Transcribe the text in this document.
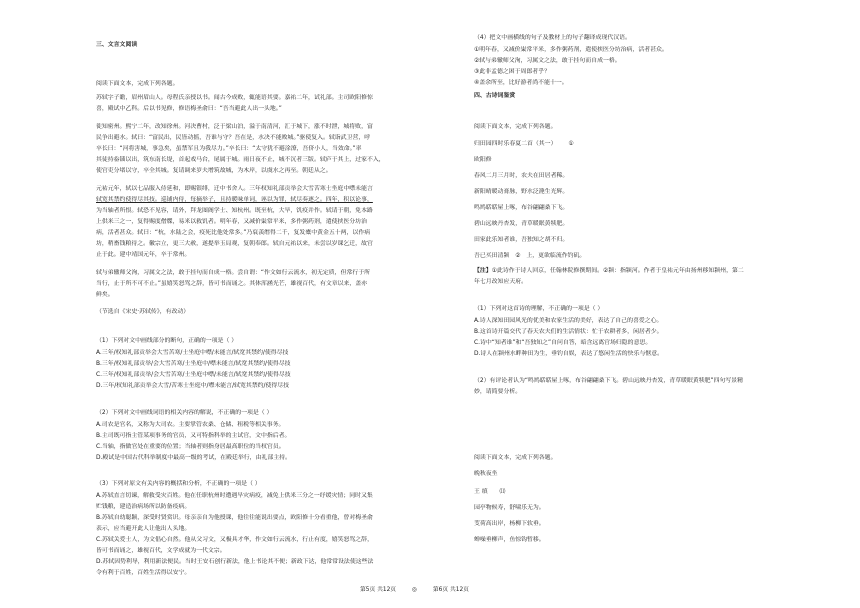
三、文言文阅读
阅读下面文本，完成下列各题。
苏轼字子瞻，眉州眉山人。母程氏亲授以书。闻古今成败，辄能语其要。嘉祐二年，试礼部。主司欧阳修惊
喜，殿试中乙科。后以书见修，修语梅圣俞曰：“吾当避此人出一头地。”
徙知密州。熙宁二年，改知徐州。河决曹村，泛于梁山泊，溢于南清河，汇于城下，涨不时泄，城将败，富
民争出避水。轼曰：“富民出，民皆动摇，吾谁与守？吾在是，水决不能败城。”驱使复入。轼诣武卫营，呼
卒长曰：“河将害城，事急矣，虽禁军且为我尽力。”卒长曰：“太守犹不避涂潦，吾侪小人，当效命。”率
其徒持畚锸以出，筑东南长堤，首起戏马台，尾属于城。雨日夜不止，城不沉者三版。轼庐于其上，过家不入，
使官吏分堵以守，卒全其城。复请调来岁夫增筑故城，为木岸，以虞水之再至。朝廷从之。
元祐元年，轼以七品服入侍延和，即赐银绯，迁中书舍人。三年权知礼部贡举会大雪苦寒士坐庭中噤未能言
轼宽其禁约使得尽其技。巡铺内侍，每摘举子，且持暖味单词，诬以为罪，轼尽奏逐之。四年，积以论事，
为当轴者所恨。轼恐不见容，请外，拜龙图阁学士、知杭州。既至杭，大旱，饥疫并作。轼请于朝，免本路
上供米三之一，复得赐度僧牒，易米以救饥者。明年春，又减价粜常平米，多作粥药剂，遣使挟医分坊治
病，活者甚众。轼曰：“杭，水陆之会，疫死比他处常多。”乃裒羡缗得二千，复发橐中黄金五十两，以作病
坊，稍畜钱粮待之。徽宗立，更三大赦，遂提举玉局观，复朝奉郎。轼自元祐以来，未尝以岁课乞迁，故官
止于此。建中靖国元年，卒于常州。
轼与弟辙师父洵，习属文之法，敢于挂句而自成一格。尝自谓：“作文如行云流水，初无定质，但常行于所
当行，止于所不可不止。”虽嬉笑怒骂之辞，皆可书而诵之。其体浑涵光芒，雄视百代，有文章以来，盖亦
鲜矣。
（节选自《宋史·苏轼传》，有改动）
（1）下列对文中画线部分的断句，正确的一项是（ ）
A.三年/权知礼部贡举会大雪苦寒/士坐庭中噤/未能言/轼宽其禁约/使得尽技
B.三年/权知礼部贡举/会大雪苦寒/士坐庭中/噤未能言/轼宽其禁约/使得尽技
C.三年/权知礼部贡举/会大雪苦寒/士坐庭中噤/未能言/轼宽其禁约/使得尽技
D.三年/权知礼部贡举会大雪/苦寒士坐庭中/噤未能言/轼宽其禁约/使得尽技
（2）下列对文中画线词语的相关内容的解说，不正确的一项是（ ）
A.司农是官名，又称为大司农。主要掌管农桑、仓储、租税等相关事务。
B.主司既可指主管某项事务的官员，又可特指科举的主试官，文中指后者。
C.当轴，指做官处在重要的位置；当轴者则指身居最高职位的当权官员。
D.殿试是中国古代科举制度中最高一级的考试，在殿廷举行，由礼部主持。
（3）下列对原文有关内容的概括和分析，不正确的一项是（ ）
A.苏轼直言切谏，解救受灾百姓。他在任职杭州时遭遇旱灾病疫，减免上供米三分之一纾缓灾情；同时又集
贮钱粮，建造治病场所以防备疫病。
B.苏轼自幼聪颖，深受时贤赏识。母亲亲自为他授课，他往往能说出要点，欧阳修十分看重他，曾对梅圣俞
表示，应当避开此人让他出人头地。
C.苏轼关爱士人，为文倡心自然。他从父习文，又极具才华，作文如行云流水，行止有度，嬉笑怒骂之辞，
皆可书而诵之，雄视百代，文学成就为一代文宗。
D.苏轼因势利导，利用新法便民。当时王安石创行新法，他上书论其不便；新政下达，他常常设法使这些法
令有利于百姓，百姓生活得以安宁。
（4）把文中画横线的句子及教材上的句子翻译成现代汉语。
①明年春，又减价粜常平米，多作粥药剂，遣使挟医分坊治病，活者甚众。
②轼与弟辙师父洵，习属文之法，敢于挂句而自成一格。
③此非孟德之困于周郎者乎？
④盖余所至，比好游者尚不能十一。
四、古诗词鉴赏
阅读下面文本，完成下列各题。
归田园四时乐春夏二首（其一） ①
欧阳修
春风二月三月时，农夫在田居者稀。
新阳晴暖动膏脉，野水泛滟生光辉。
鸣鸠聒聒屋上啄，布谷翩翩桑下飞。
碧山远映丹杏发，青草暖眠黄犊肥。
田家此乐知者谁，吾独知之胡不归。
吾已买田清颍 ② 上，更欲临流作钓矶。
【注】①此诗作于诗人回京，任翰林院修撰期间。②颍：指颍河。作者于皇祐元年由扬州移知颍州，第二
年七月改知应天府。
（1）下列对这首诗的理解，不正确的一项是（ ）
A.诗人深知田园风光的优美和农家生活的美好，表达了自己的喜爱之心。
B.这首诗开篇交代了春天农夫们的生活情状：忙于农耕者多，闲居者少。
C.诗中“知者谁”和“吾独知之”自问自答，暗含远离官场归隐的意思。
D.诗人在颍州水畔种田为生，垂钓自娱，表达了悠闲生活的快乐与惬意。
（2）有评论者认为“鸣鸠聒聒屋上啄，布谷翩翩桑下飞。碧山远映丹杏发，青草暖眠黄犊肥”四句写景精
妙，请简要分析。
阅读下面文本，完成下列各题。
晚秋夜坐
王 缜 ⑾
园亭物候寿，舒啸乐无为。
芰荷高出岸，杨柳下软垂。
蝉噪垂柳声，鱼惊钩暂移。
第5页 共12页	◎	第6页 共12页
